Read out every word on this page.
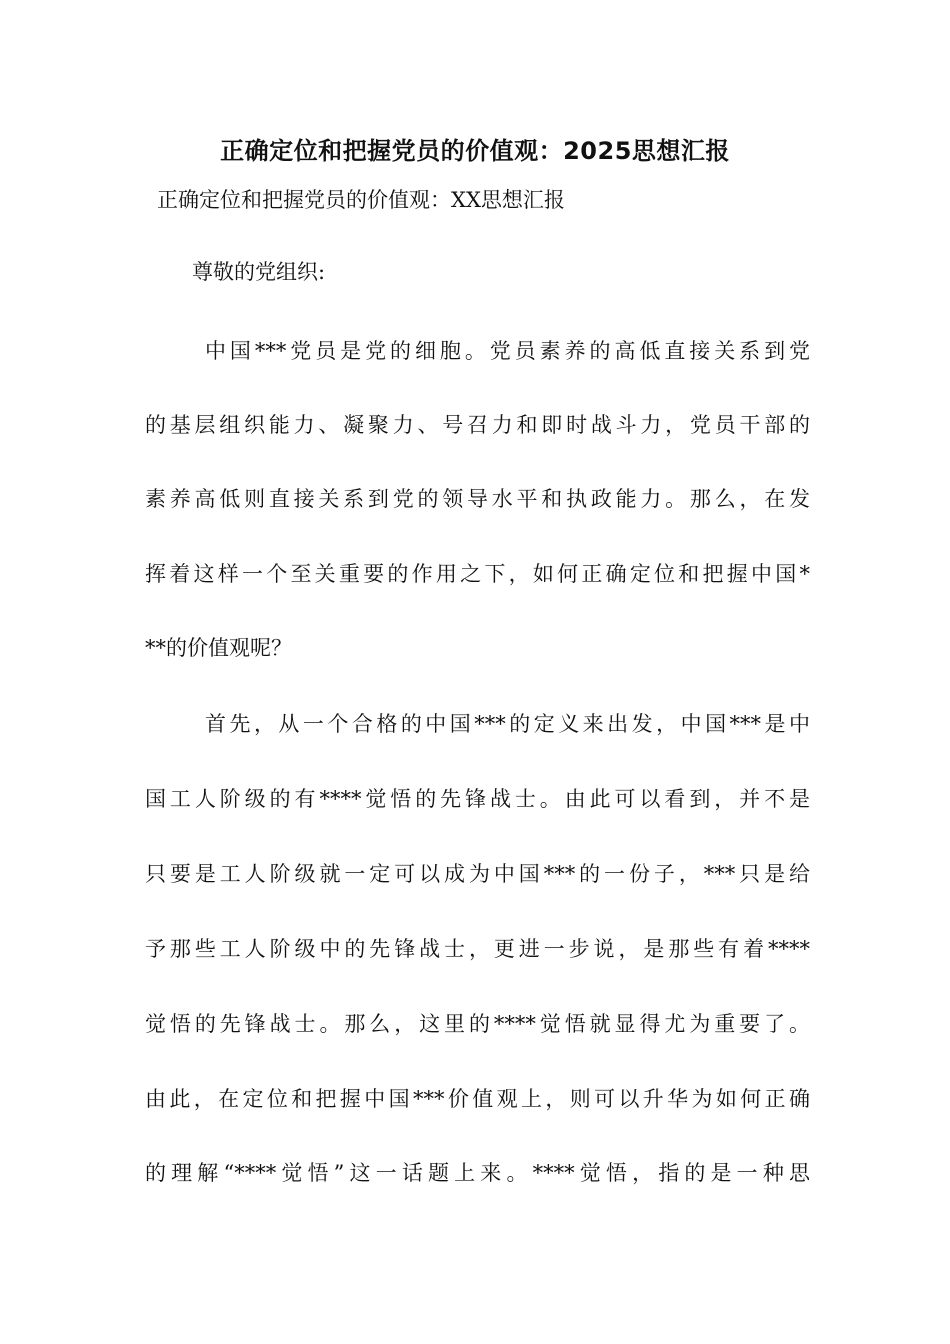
正确定位和把握党员的价值观：2025思想汇报
正确定位和把握党员的价值观：XX思想汇报
尊敬的党组织:
中国***党员是党的细胞。党员素养的高低直接关系到党
的基层组织能力、凝聚力、号召力和即时战斗力，党员干部的
素养高低则直接关系到党的领导水平和执政能力。那么，在发
挥着这样一个至关重要的作用之下，如何正确定位和把握中国*
**的价值观呢？
首先，从一个合格的中国***的定义来出发，中国***是中
国工人阶级的有****觉悟的先锋战士。由此可以看到，并不是
只要是工人阶级就一定可以成为中国***的一份子，***只是给
予那些工人阶级中的先锋战士，更进一步说，是那些有着****
觉悟的先锋战士。那么，这里的****觉悟就显得尤为重要了。
由此，在定位和把握中国***价值观上，则可以升华为如何正确
的理解“****觉悟”这一话题上来。****觉悟，指的是一种思
